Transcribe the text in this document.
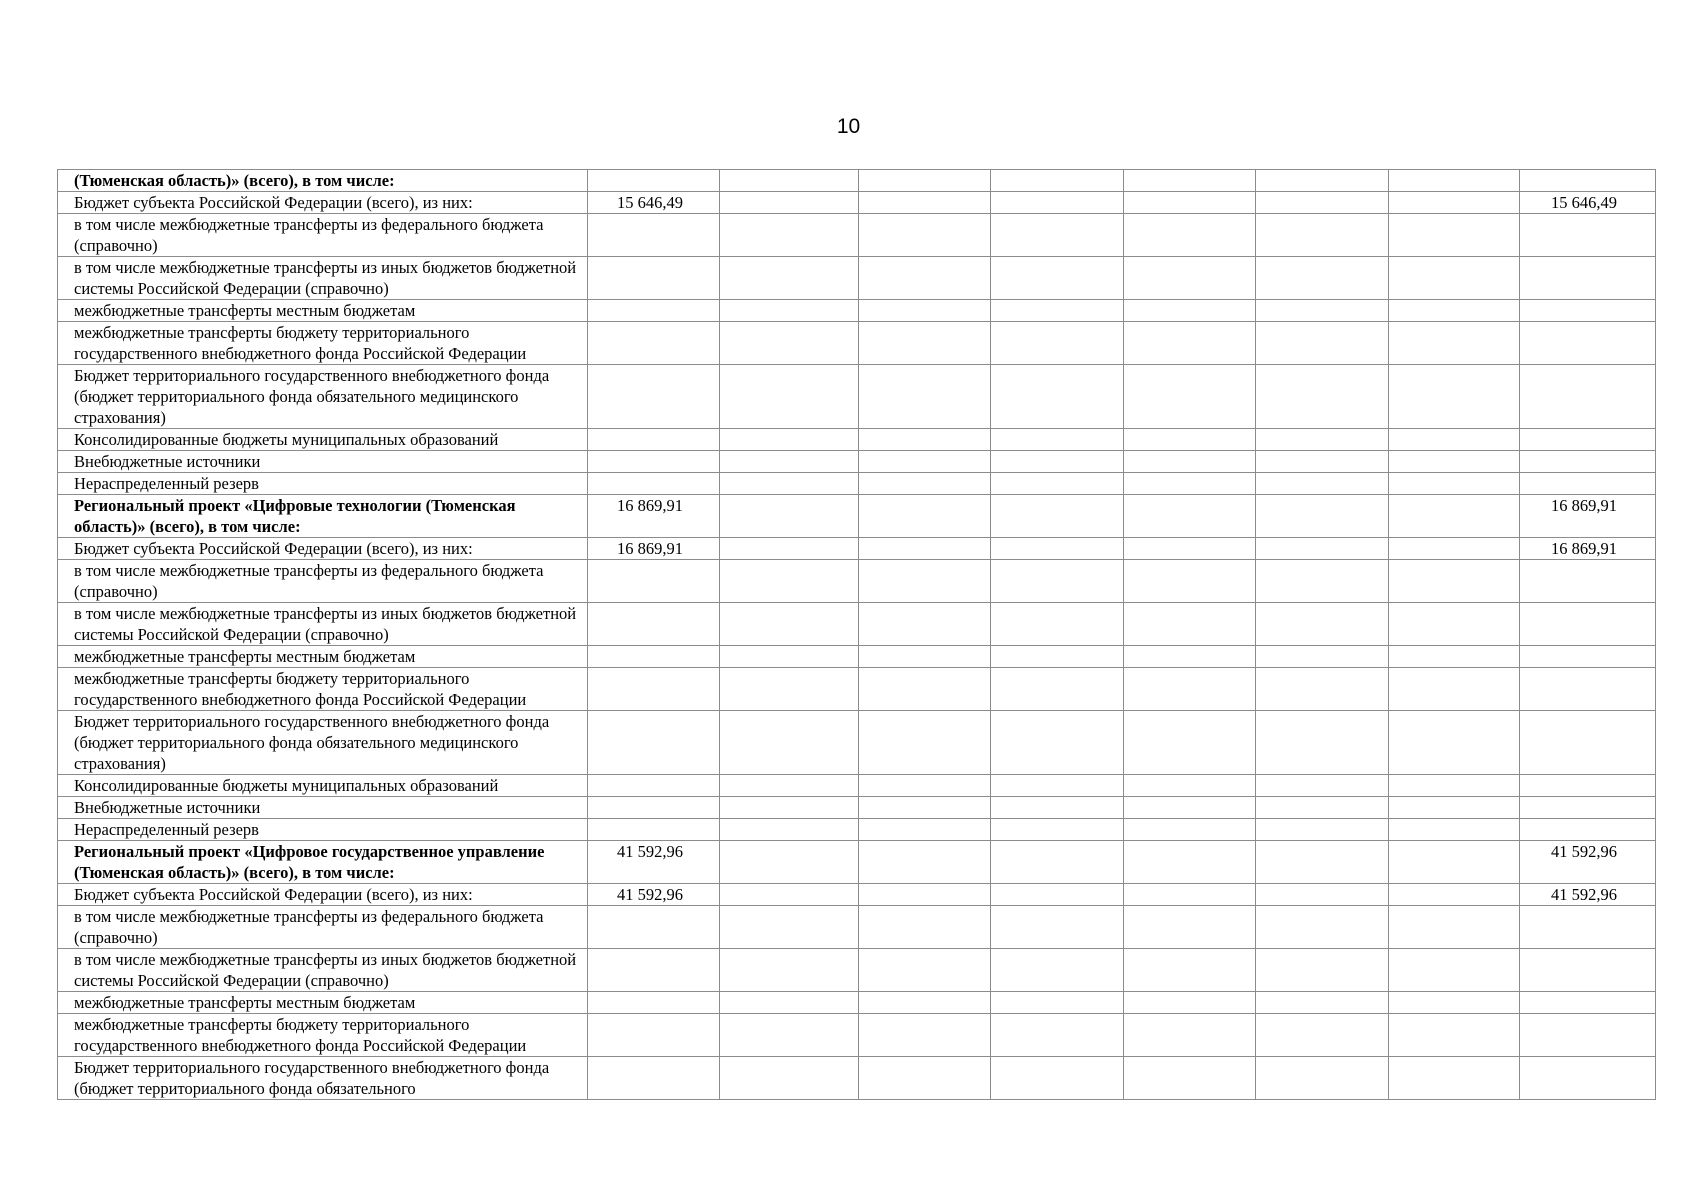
10
(Тюменская область)» (всего), в том числе:								
Бюджет субъекта Российской Федерации (всего), из них:	15 646,49							15 646,49
в том числе межбюджетные трансферты из федерального бюджета (справочно)								
в том числе межбюджетные трансферты из иных бюджетов бюджетной системы Российской Федерации (справочно)								
межбюджетные трансферты местным бюджетам								
межбюджетные трансферты бюджету территориального государственного внебюджетного фонда Российской Федерации								
Бюджет территориального государственного внебюджетного фонда (бюджет территориального фонда обязательного медицинского страхования)								
Консолидированные бюджеты муниципальных образований								
Внебюджетные источники								
Нераспределенный резерв								
Региональный проект «Цифровые технологии (Тюменская область)» (всего), в том числе:	16 869,91							16 869,91
Бюджет субъекта Российской Федерации (всего), из них:	16 869,91							16 869,91
в том числе межбюджетные трансферты из федерального бюджета (справочно)								
в том числе межбюджетные трансферты из иных бюджетов бюджетной системы Российской Федерации (справочно)								
межбюджетные трансферты местным бюджетам								
межбюджетные трансферты бюджету территориального государственного внебюджетного фонда Российской Федерации								
Бюджет территориального государственного внебюджетного фонда (бюджет территориального фонда обязательного медицинского страхования)								
Консолидированные бюджеты муниципальных образований								
Внебюджетные источники								
Нераспределенный резерв								
Региональный проект «Цифровое государственное управление (Тюменская область)» (всего), в том числе:	41 592,96							41 592,96
Бюджет субъекта Российской Федерации (всего), из них:	41 592,96							41 592,96
в том числе межбюджетные трансферты из федерального бюджета (справочно)								
в том числе межбюджетные трансферты из иных бюджетов бюджетной системы Российской Федерации (справочно)								
межбюджетные трансферты местным бюджетам								
межбюджетные трансферты бюджету территориального государственного внебюджетного фонда Российской Федерации								
Бюджет территориального государственного внебюджетного фонда (бюджет территориального фонда обязательного								
